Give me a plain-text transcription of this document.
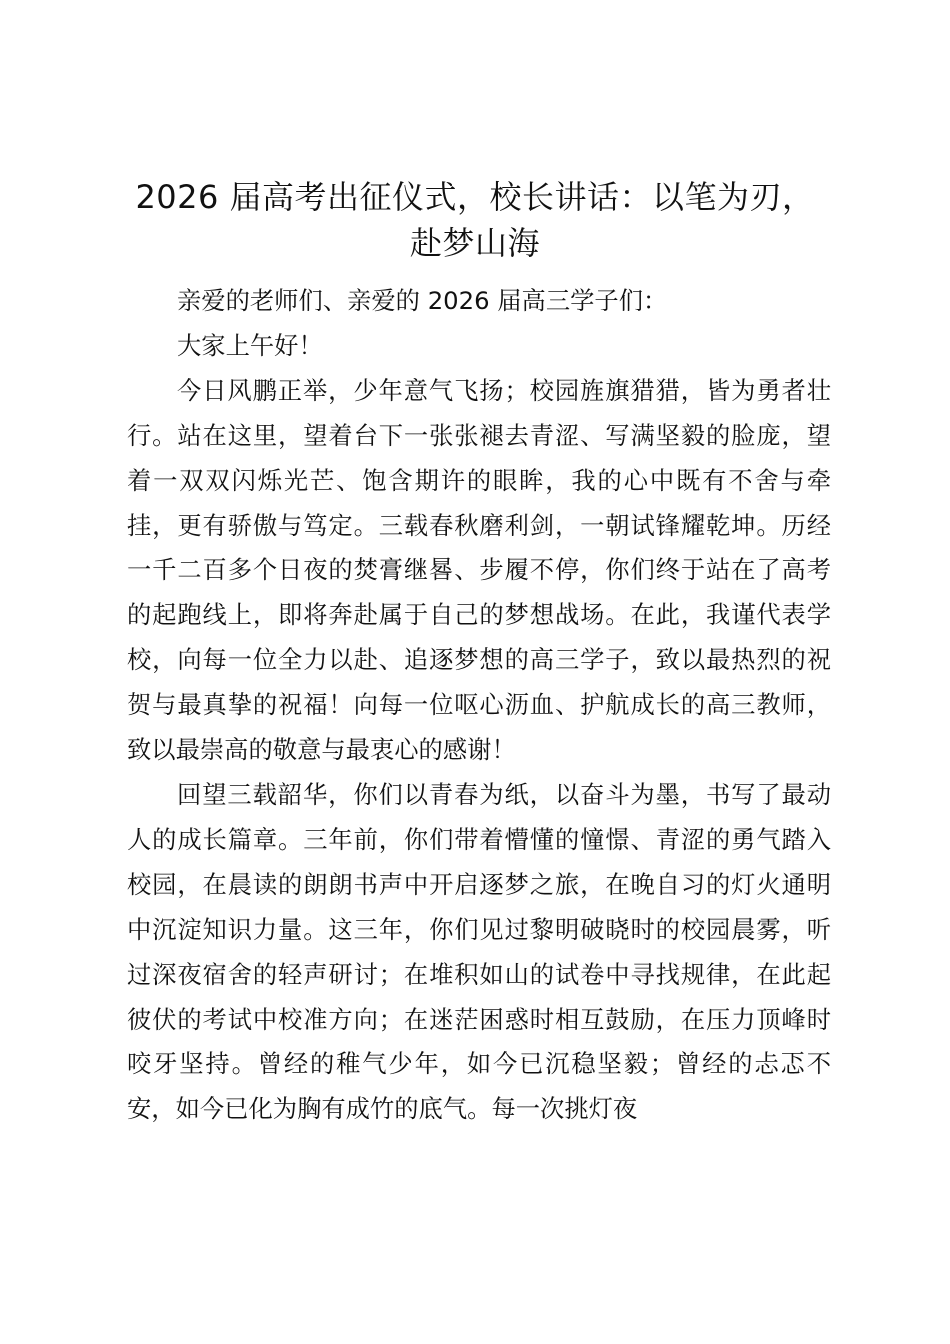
2026 届高考出征仪式，校长讲话：以笔为刃，赴梦山海

亲爱的老师们、亲爱的 2026 届高三学子们：

大家上午好！

今日风鹏正举，少年意气飞扬；校园旌旗猎猎，皆为勇者壮行。站在这里，望着台下一张张褪去青涩、写满坚毅的脸庞，望着一双双闪烁光芒、饱含期许的眼眸，我的心中既有不舍与牵挂，更有骄傲与笃定。三载春秋磨利剑，一朝试锋耀乾坤。历经一千二百多个日夜的焚膏继晷、步履不停，你们终于站在了高考的起跑线上，即将奔赴属于自己的梦想战场。在此，我谨代表学校，向每一位全力以赴、追逐梦想的高三学子，致以最热烈的祝贺与最真挚的祝福！向每一位呕心沥血、护航成长的高三教师，致以最崇高的敬意与最衷心的感谢！

回望三载韶华，你们以青春为纸，以奋斗为墨，书写了最动人的成长篇章。三年前，你们带着懵懂的憧憬、青涩的勇气踏入校园，在晨读的朗朗书声中开启逐梦之旅，在晚自习的灯火通明中沉淀知识力量。这三年，你们见过黎明破晓时的校园晨雾，听过深夜宿舍的轻声研讨；在堆积如山的试卷中寻找规律，在此起彼伏的考试中校准方向；在迷茫困惑时相互鼓励，在压力顶峰时咬牙坚持。曾经的稚气少年，如今已沉稳坚毅；曾经的忐忑不安，如今已化为胸有成竹的底气。每一次挑灯夜
